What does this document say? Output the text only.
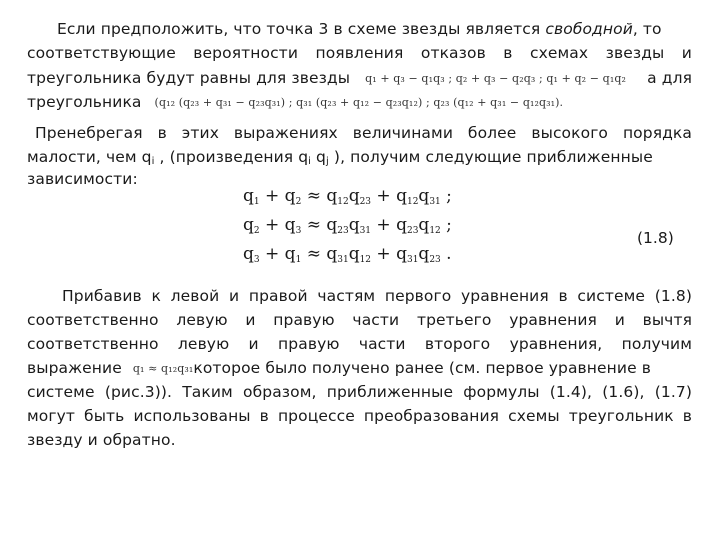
Если предположить, что точка 3 в схеме звезды является свободной, то
соответствующие вероятности появления отказов в схемах звезды и
треугольника будут равны для звезды q₁ + q₃ − q₁q₃ ; q₂ + q₃ − q₂q₃ ; q₁ + q₂ − q₁q₂ а для
треугольника (q₁₂ (q₂₃ + q₃₁ − q₂₃q₃₁) ; q₃₁ (q₂₃ + q₁₂ − q₂₃q₁₂) ; q₂₃ (q₁₂ + q₃₁ − q₁₂q₃₁).
Пренебрегая в этих выражениях величинами более высокого порядка
малости, чем $q_i$ , (произведения $q_i$ $q_j$ ), получим следующие приближенные
зависимости:
$q_1 + q_2 \approx q_{12}q_{23} + q_{12}q_{31}$ ;
$q_2 + q_3 \approx q_{23}q_{31} + q_{23}q_{12}$ ;
$q_3 + q_1 \approx q_{31}q_{12} + q_{31}q_{23}$ .
(1.8)
Прибавив к левой и правой частям первого уравнения в системе (1.8)
соответственно левую и правую части третьего уравнения и вычтя
соответственно левую и правую части второго уравнения, получим
выражение q₁ ≈ q₁₂q₃₁которое было получено ранее (см. первое уравнение в
системе (рис.3)). Таким образом, приближенные формулы (1.4), (1.6), (1.7)
могут быть использованы в процессе преобразования схемы треугольник в
звезду и обратно.
